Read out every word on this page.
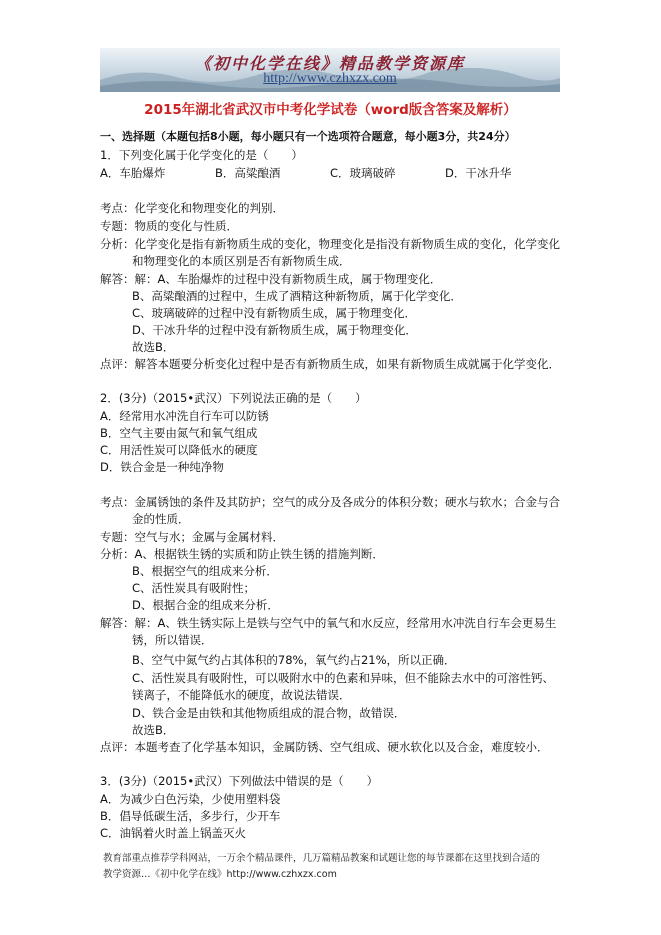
《初中化学在线》精品教学资源库
http://www.czhxzx.com
2015年湖北省武汉市中考化学试卷（word版含答案及解析）
一、选择题（本题包括8小题，每小题只有一个选项符合题意，每小题3分，共24分）
1．下列变化属于化学变化的是（　　）
A．车胎爆炸	B．高粱酿酒	C．玻璃破碎	D．干冰升华
考点：化学变化和物理变化的判别．
专题：物质的变化与性质．
分析：化学变化是指有新物质生成的变化，物理变化是指没有新物质生成的变化，化学变化
和物理变化的本质区别是否有新物质生成．
解答：解：A、车胎爆炸的过程中没有新物质生成，属于物理变化．
B、高粱酿酒的过程中，生成了酒精这种新物质，属于化学变化．
C、玻璃破碎的过程中没有新物质生成，属于物理变化．
D、干冰升华的过程中没有新物质生成，属于物理变化．
故选B．
点评：解答本题要分析变化过程中是否有新物质生成，如果有新物质生成就属于化学变化．
2．(3分)（2015•武汉）下列说法正确的是（　　）
A．经常用水冲洗自行车可以防锈
B．空气主要由氮气和氧气组成
C．用活性炭可以降低水的硬度
D．铁合金是一种纯净物
考点：金属锈蚀的条件及其防护；空气的成分及各成分的体积分数；硬水与软水；合金与合
金的性质．
专题：空气与水；金属与金属材料．
分析：A、根据铁生锈的实质和防止铁生锈的措施判断．
B、根据空气的组成来分析．
C、活性炭具有吸附性；
D、根据合金的组成来分析．
解答：解：A、铁生锈实际上是铁与空气中的氧气和水反应，经常用水冲洗自行车会更易生
锈，所以错误．
B、空气中氮气约占其体积的78%，氧气约占21%，所以正确．
C、活性炭具有吸附性，可以吸附水中的色素和异味，但不能除去水中的可溶性钙、
镁离子，不能降低水的硬度，故说法错误．
D、铁合金是由铁和其他物质组成的混合物，故错误．
故选B．
点评：本题考查了化学基本知识，金属防锈、空气组成、硬水软化以及合金，难度较小．
3．(3分)（2015•武汉）下列做法中错误的是（　　）
A．为减少白色污染，少使用塑料袋
B．倡导低碳生活，多步行，少开车
C．油锅着火时盖上锅盖灭火
教育部重点推荐学科网站，一万余个精品课件，几万篇精品教案和试题让您的每节课都在这里找到合适的
教学资源…《初中化学在线》http://www.czhxzx.com
